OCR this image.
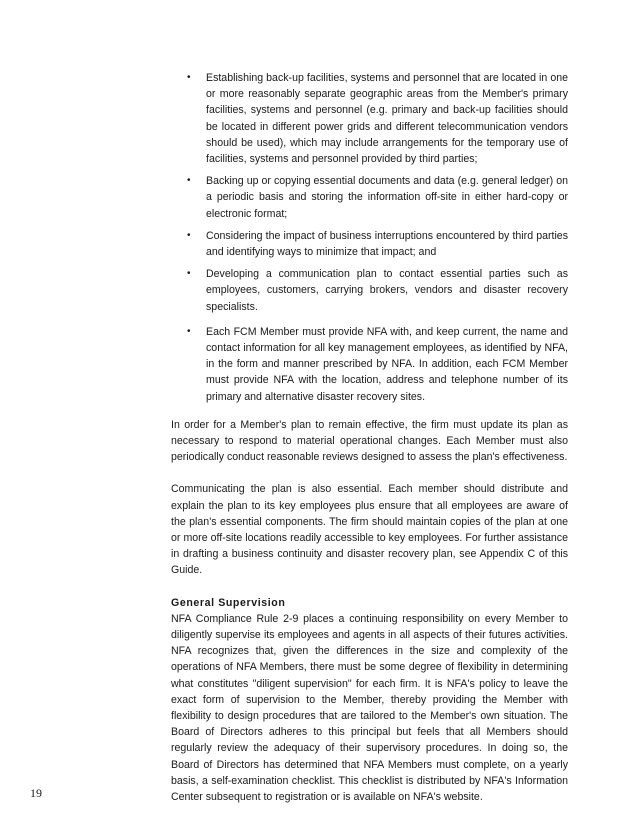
• Establishing back-up facilities, systems and personnel that are located in one or more reasonably separate geographic areas from the Member's primary facilities, systems and personnel (e.g. primary and back-up facilities should be located in different power grids and different telecommunication vendors should be used), which may include arrangements for the temporary use of facilities, systems and personnel provided by third parties;
• Backing up or copying essential documents and data (e.g. general ledger) on a periodic basis and storing the information off-site in either hard-copy or electronic format;
• Considering the impact of business interruptions encountered by third parties and identifying ways to minimize that impact; and
• Developing a communication plan to contact essential parties such as employees, customers, carrying brokers, vendors and disaster recovery specialists.
• Each FCM Member must provide NFA with, and keep current, the name and contact information for all key management employees, as identified by NFA, in the form and manner prescribed by NFA. In addition, each FCM Member must provide NFA with the location, address and telephone number of its primary and alternative disaster recovery sites.

In order for a Member's plan to remain effective, the firm must update its plan as necessary to respond to material operational changes. Each Member must also periodically conduct reasonable reviews designed to assess the plan's effectiveness.

Communicating the plan is also essential. Each member should distribute and explain the plan to its key employees plus ensure that all employees are aware of the plan's essential components. The firm should maintain copies of the plan at one or more off-site locations readily accessible to key employees. For further assistance in drafting a business continuity and disaster recovery plan, see Appendix C of this Guide.

General Supervision

NFA Compliance Rule 2-9 places a continuing responsibility on every Member to diligently supervise its employees and agents in all aspects of their futures activities. NFA recognizes that, given the differences in the size and complexity of the operations of NFA Members, there must be some degree of flexibility in determining what constitutes "diligent supervision" for each firm. It is NFA's policy to leave the exact form of supervision to the Member, thereby providing the Member with flexibility to design procedures that are tailored to the Member's own situation. The Board of Directors adheres to this principal but feels that all Members should regularly review the adequacy of their supervisory procedures. In doing so, the Board of Directors has determined that NFA Members must complete, on a yearly basis, a self-examination checklist. This checklist is distributed by NFA's Information Center subsequent to registration or is available on NFA's website.

19
